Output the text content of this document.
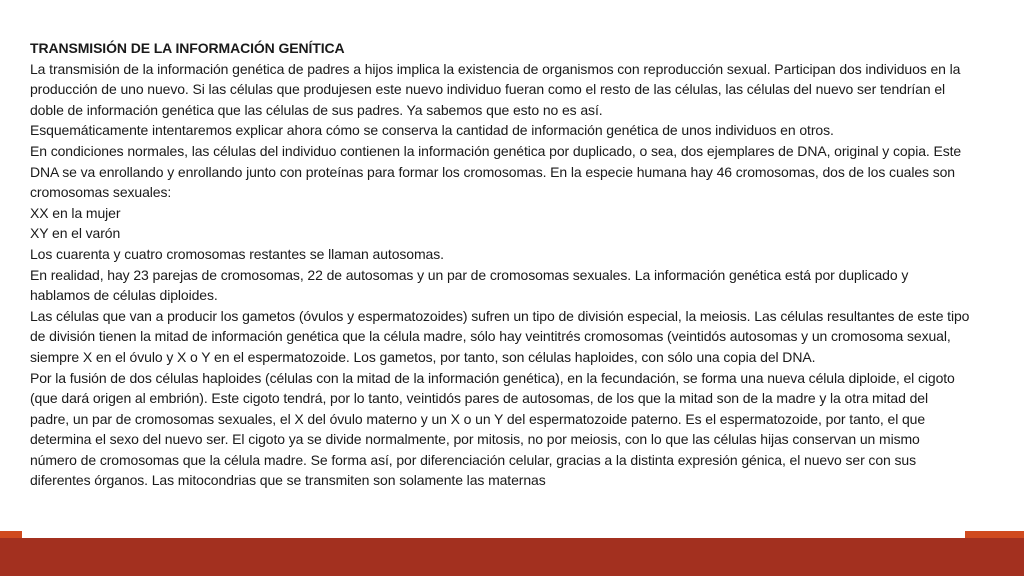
TRANSMISIÓN DE LA INFORMACIÓN GENÍTICA

La transmisión de la información genética de padres a hijos implica la existencia de organismos con reproducción sexual. Participan dos individuos en la producción de uno nuevo. Si las células que produjesen este nuevo individuo fueran como el resto de las células, las células del nuevo ser tendrían el doble de información genética que las células de sus padres. Ya sabemos que esto no es así.

Esquemáticamente intentaremos explicar ahora cómo se conserva la cantidad de información genética de unos individuos en otros.

En condiciones normales, las células del individuo contienen la información genética por duplicado, o sea, dos ejemplares de DNA, original y copia. Este DNA se va enrollando y enrollando junto con proteínas para formar los cromosomas. En la especie humana hay 46 cromosomas, dos de los cuales son cromosomas sexuales:

XX en la mujer

XY en el varón

Los cuarenta y cuatro cromosomas restantes se llaman autosomas.

En realidad, hay 23 parejas de cromosomas, 22 de autosomas y un par de cromosomas sexuales. La información genética está por duplicado y hablamos de células diploides.

Las células que van a producir los gametos (óvulos y espermatozoides) sufren un tipo de división especial, la meiosis. Las células resultantes de este tipo de división tienen la mitad de información genética que la célula madre, sólo hay veintitrés cromosomas (veintidós autosomas y un cromosoma sexual, siempre X en el óvulo y X o Y en el espermatozoide. Los gametos, por tanto, son células haploides, con sólo una copia del DNA.

Por la fusión de dos células haploides (células con la mitad de la información genética), en la fecundación, se forma una nueva célula diploide, el cigoto (que dará origen al embrión). Este cigoto tendrá, por lo tanto, veintidós pares de autosomas, de los que la mitad son de la madre y la otra mitad del padre, un par de cromosomas sexuales, el X del óvulo materno y un X o un Y del espermatozoide paterno. Es el espermatozoide, por tanto, el que determina el sexo del nuevo ser. El cigoto ya se divide normalmente, por mitosis, no por meiosis, con lo que las células hijas conservan un mismo número de cromosomas que la célula madre. Se forma así, por diferenciación celular, gracias a la distinta expresión génica, el nuevo ser con sus diferentes órganos. Las mitocondrias que se transmiten son solamente las maternas
